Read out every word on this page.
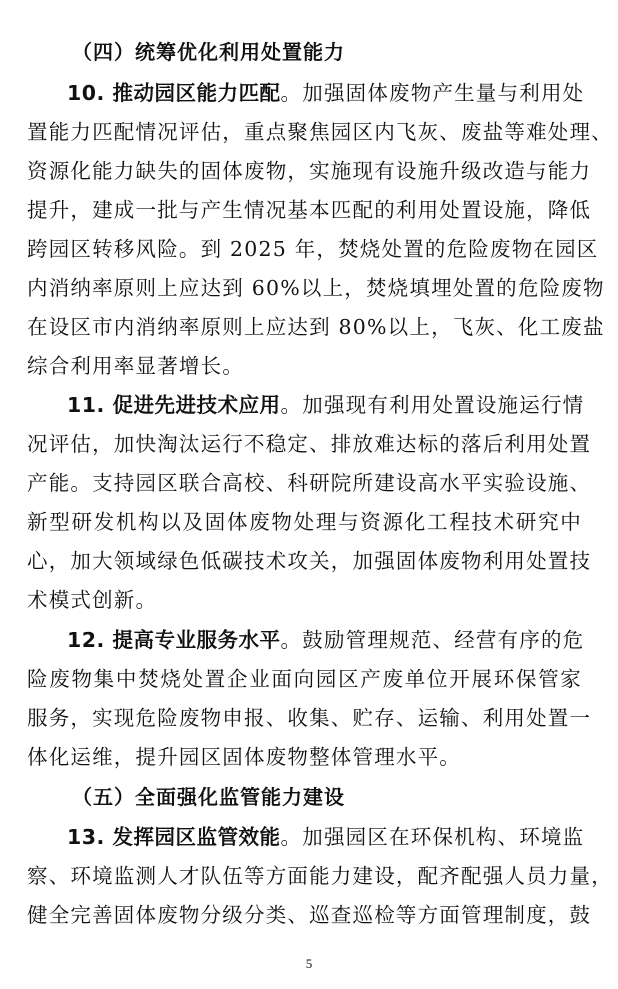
（四）统筹优化利用处置能力
10. 推动园区能力匹配。加强固体废物产生量与利用处
置能力匹配情况评估，重点聚焦园区内飞灰、废盐等难处理、
资源化能力缺失的固体废物，实施现有设施升级改造与能力
提升，建成一批与产生情况基本匹配的利用处置设施，降低
跨园区转移风险。到 2025 年，焚烧处置的危险废物在园区
内消纳率原则上应达到 60%以上，焚烧填埋处置的危险废物
在设区市内消纳率原则上应达到 80%以上，飞灰、化工废盐
综合利用率显著增长。
11. 促进先进技术应用。加强现有利用处置设施运行情
况评估，加快淘汰运行不稳定、排放难达标的落后利用处置
产能。支持园区联合高校、科研院所建设高水平实验设施、
新型研发机构以及固体废物处理与资源化工程技术研究中
心，加大领域绿色低碳技术攻关，加强固体废物利用处置技
术模式创新。
12. 提高专业服务水平。鼓励管理规范、经营有序的危
险废物集中焚烧处置企业面向园区产废单位开展环保管家
服务，实现危险废物申报、收集、贮存、运输、利用处置一
体化运维，提升园区固体废物整体管理水平。
（五）全面强化监管能力建设
13. 发挥园区监管效能。加强园区在环保机构、环境监
察、环境监测人才队伍等方面能力建设，配齐配强人员力量，
健全完善固体废物分级分类、巡查巡检等方面管理制度，鼓
5
